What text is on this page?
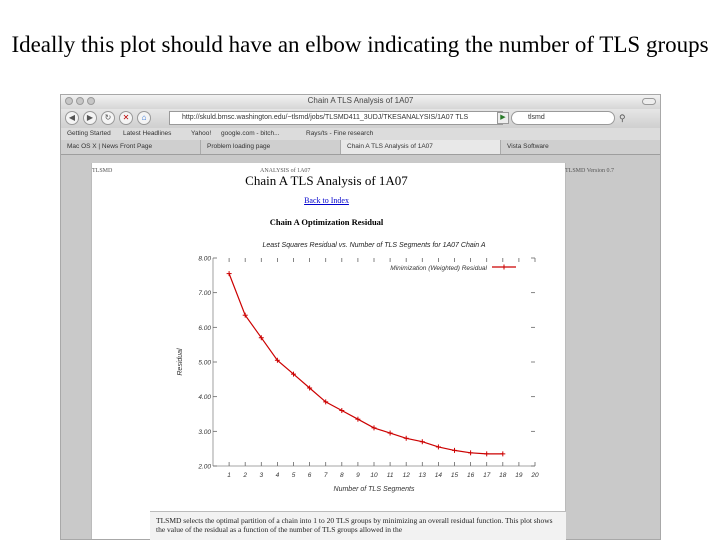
Ideally this plot should have an elbow indicating the number of TLS groups
Chain A TLS Analysis of 1A07
◀	▶	↻	✕	⌂	http://skuld.bmsc.washington.edu/~tlsmd/jobs/TLSMD411_3UDJ/TKESANALYSIS/1A07 TLS	▶	tlsmd	⚲
Getting Started Latest Headlines	Yahoo! google.com - bitch...	Rays/ts - Fine research
Mac OS X | News Front Page	Problem loading page	Chain A TLS Analysis of 1A07	Vista Software
TLSMD	ANALYSIS of 1A07	TLSMD Version 0.7
Chain A TLS Analysis of 1A07
Back to Index
Chain A Optimization Residual
Least Squares Residual vs. Number of TLS Segments for 1A07 Chain A
2.00
3.00
4.00
5.00
6.00
7.00
8.00
1 2 3 4 5 6 7 8 9 10 11 12 13 14 15 16 17 18 19 20
Number of TLS Segments
Residual
Minimization (Weighted) Residual
TLSMD selects the optimal partition of a chain into 1 to 20 TLS groups by minimizing an overall residual function. This plot shows the value of the residual as a function of the number of TLS groups allowed in the
